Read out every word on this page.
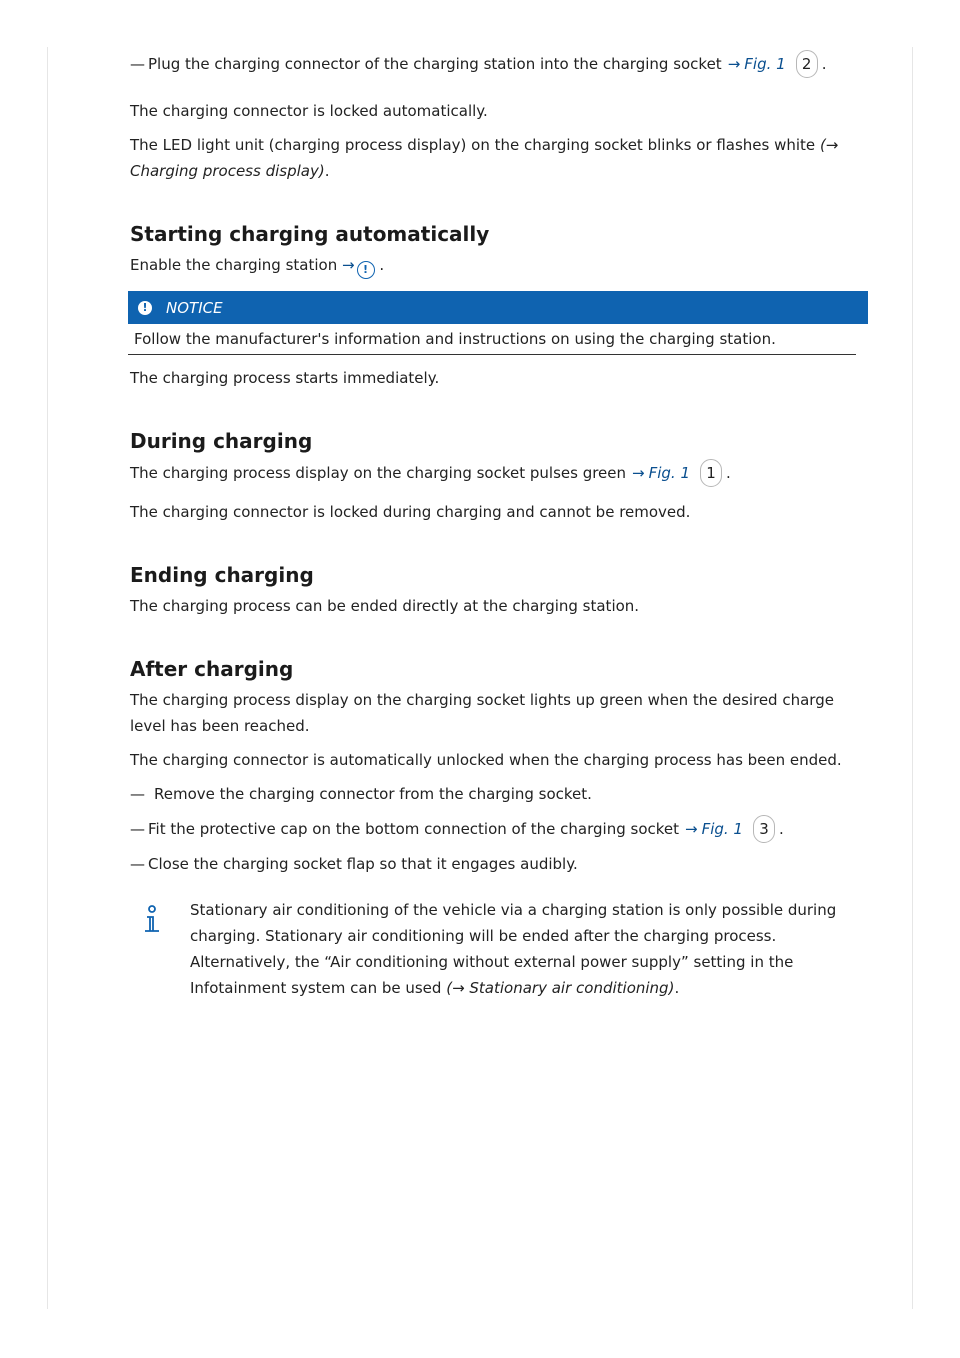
— Plug the charging connector of the charging station into the charging socket → Fig. 1	2 .

The charging connector is locked automatically.

The LED light unit (charging process display) on the charging socket blinks or flashes white (→ Charging process display).

Starting charging automatically

Enable the charging station → ! .

! NOTICE
Follow the manufacturer's information and instructions on using the charging station.

The charging process starts immediately.

During charging

The charging process display on the charging socket pulses green → Fig. 1	1 .

The charging connector is locked during charging and cannot be removed.

Ending charging

The charging process can be ended directly at the charging station.

After charging

The charging process display on the charging socket lights up green when the desired charge level has been reached.

The charging connector is automatically unlocked when the charging process has been ended.

— Remove the charging connector from the charging socket.

— Fit the protective cap on the bottom connection of the charging socket → Fig. 1	3 .

— Close the charging socket flap so that it engages audibly.

Stationary air conditioning of the vehicle via a charging station is only possible during charging. Stationary air conditioning will be ended after the charging process. Alternatively, the “Air conditioning without external power supply” setting in the Infotainment system can be used (→ Stationary air conditioning).
